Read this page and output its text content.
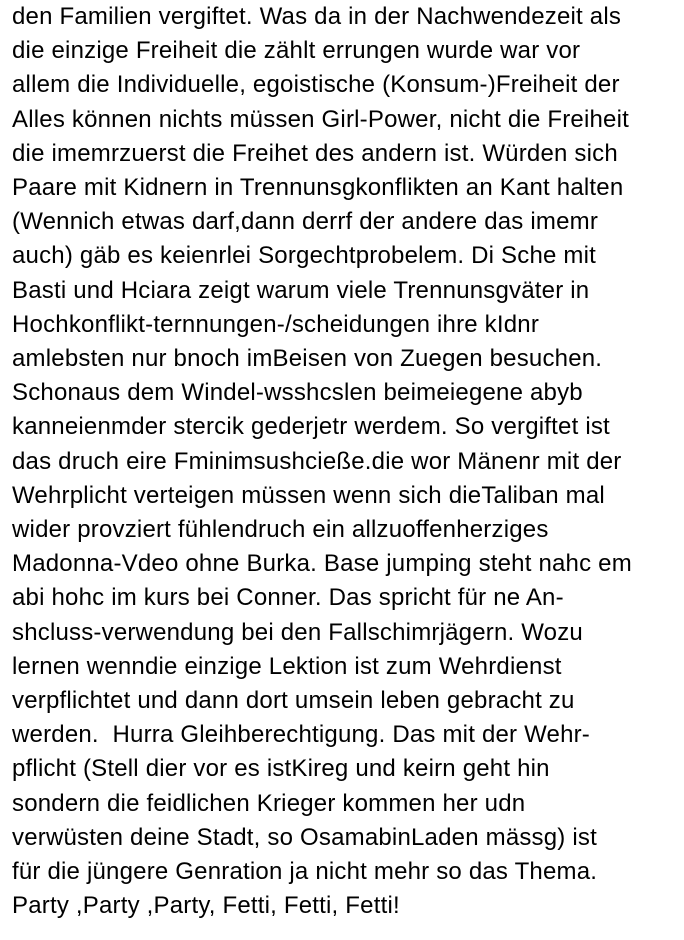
den Familien vergiftet. Was da in der Nachwendezeit als
die einzige Freiheit die zählt errungen wurde war vor
allem die Individuelle, egoistische (Konsum-)Freiheit der
Alles können nichts müssen Girl-Power, nicht die Freiheit
die imemrzuerst die Freihet des andern ist. Würden sich
Paare mit Kidnern in Trennunsgkonflikten an Kant halten
(Wennich etwas darf,dann derrf der andere das imemr
auch) gäb es keienrlei Sorgechtprobelem. Di Sche mit
Basti und Hciara zeigt warum viele Trennunsgväter in
Hochkonflikt-ternnungen-/scheidungen ihre kIdnr
amlebsten nur bnoch imBeisen von Zuegen besuchen.
Schonaus dem Windel-wsshcslen beimeiegene abyb
kanneienmder stercik gederjetr werdem. So vergiftet ist
das druch eire Fminimsushcieße.die wor Mänenr mit der
Wehrplicht verteigen müssen wenn sich dieTaliban mal
wider provziert fühlendruch ein allzuoffenherziges
Madonna-Vdeo ohne Burka. Base jumping steht nahc em
abi hohc im kurs bei Conner. Das spricht für ne An-
shcluss-verwendung bei den Fallschimrjägern. Wozu
lernen wenndie einzige Lektion ist zum Wehrdienst
verpflichtet und dann dort umsein leben gebracht zu
werden.  Hurra Gleihberechtigung. Das mit der Wehr-
pflicht (Stell dier vor es istKireg und keirn geht hin
sondern die feidlichen Krieger kommen her udn
verwüsten deine Stadt, so OsamabinLaden mässg) ist
für die jüngere Genration ja nicht mehr so das Thema.
Party ,Party ,Party, Fetti, Fetti, Fetti!
